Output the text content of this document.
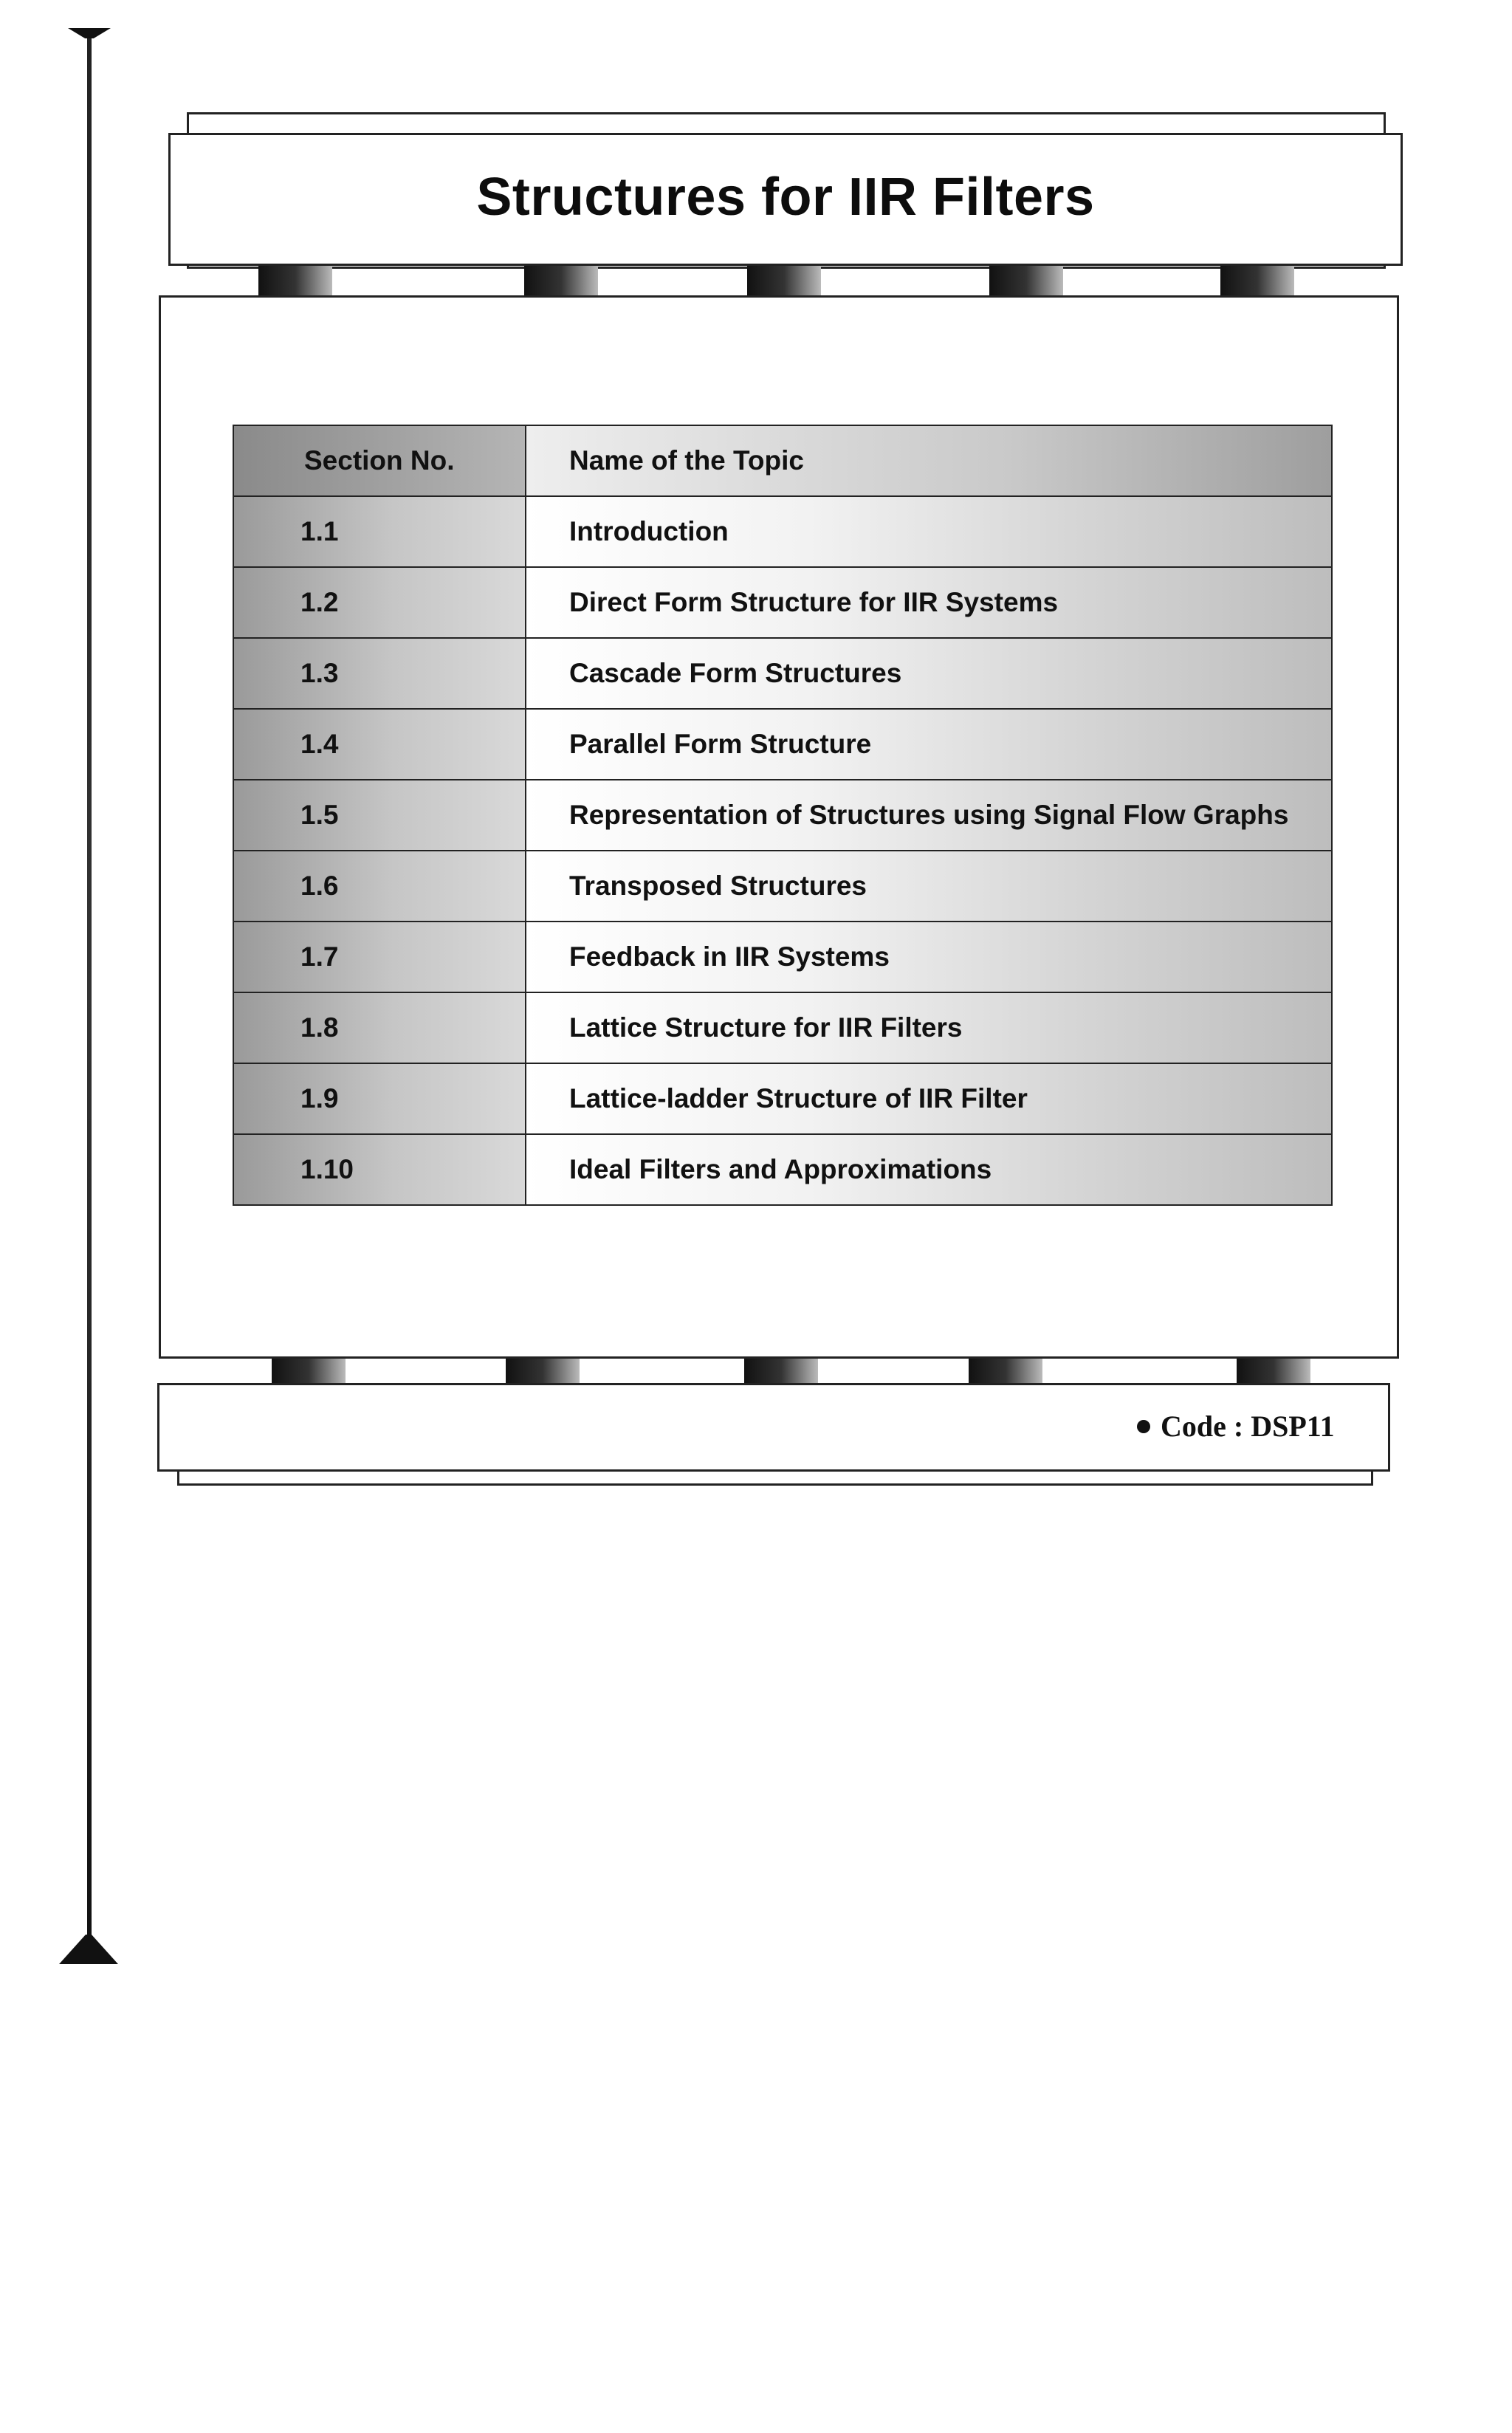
Structures for IIR Filters
Section No.	Name of the Topic
1.1	Introduction
1.2	Direct Form Structure for IIR Systems
1.3	Cascade Form Structures
1.4	Parallel Form Structure
1.5	Representation of Structures using Signal Flow Graphs
1.6	Transposed Structures
1.7	Feedback in IIR Systems
1.8	Lattice Structure for IIR Filters
1.9	Lattice-ladder Structure of IIR Filter
1.10	Ideal Filters and Approximations
Code : DSP11
